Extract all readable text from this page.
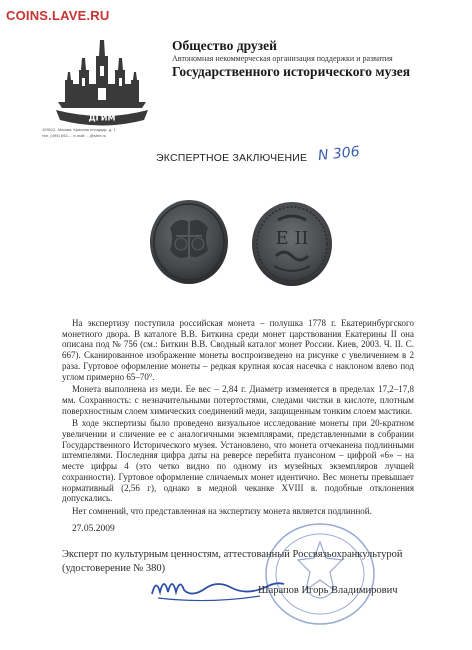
COINS.LAVE.RU
ДГИМ
109012, Москва, Красная площадь, д. 1
тел. (495) 692-... e-mail: ...@shm.ru
Общество друзей
Автономная некоммерческая организация поддержки и развития
Государственного исторического музея
ЭКСПЕРТНОЕ ЗАКЛЮЧЕНИЕ N 306
E II

На экспертизу поступила российская монета – полушка 1778 г. Екатеринбургского монетного двора. В каталоге В.В. Биткина среди монет царствования Екатерины II она описана под № 756 (см.: Биткин В.В. Сводный каталог монет России. Киев, 2003. Ч. II. С. 667). Сканированное изображение монеты воспроизведено на рисунке с увеличением в 2 раза. Гуртовое оформление монеты – редкая крупная косая насечка с наклоном влево под углом примерно 65–70°.

Монета выполнена из меди. Ее вес – 2,84 г. Диаметр изменяется в пределах 17,2–17,8 мм. Сохранность: с незначительными потертостями, следами чистки в кислоте, плотным поверхностным слоем химических соединений меди, защищенным тонким слоем мастики.

В ходе экспертизы было проведено визуальное исследование монеты при 20-кратном увеличении и сличение ее с аналогичными экземплярами, представленными в собрании Государственного Исторического музея. Установлено, что монета отчеканена подлинными штемпелями. Последняя цифра даты на реверсе перебита пуансоном – цифрой «6» – на месте цифры 4 (это четко видно по одному из музейных экземпляров лучшей сохранности). Гуртовое оформление сличаемых монет идентично. Вес монеты превышает нормативный (2,56 г), однако в медной чеканке XVIII в. подобные отклонения допускались.

Нет сомнений, что представленная на экспертизу монета является подлинной.

27.05.2009
Эксперт по культурным ценностям, аттестованный Россвязьохранкультурой
(удостоверение № 380)
Шарапов Игорь Владимирович
